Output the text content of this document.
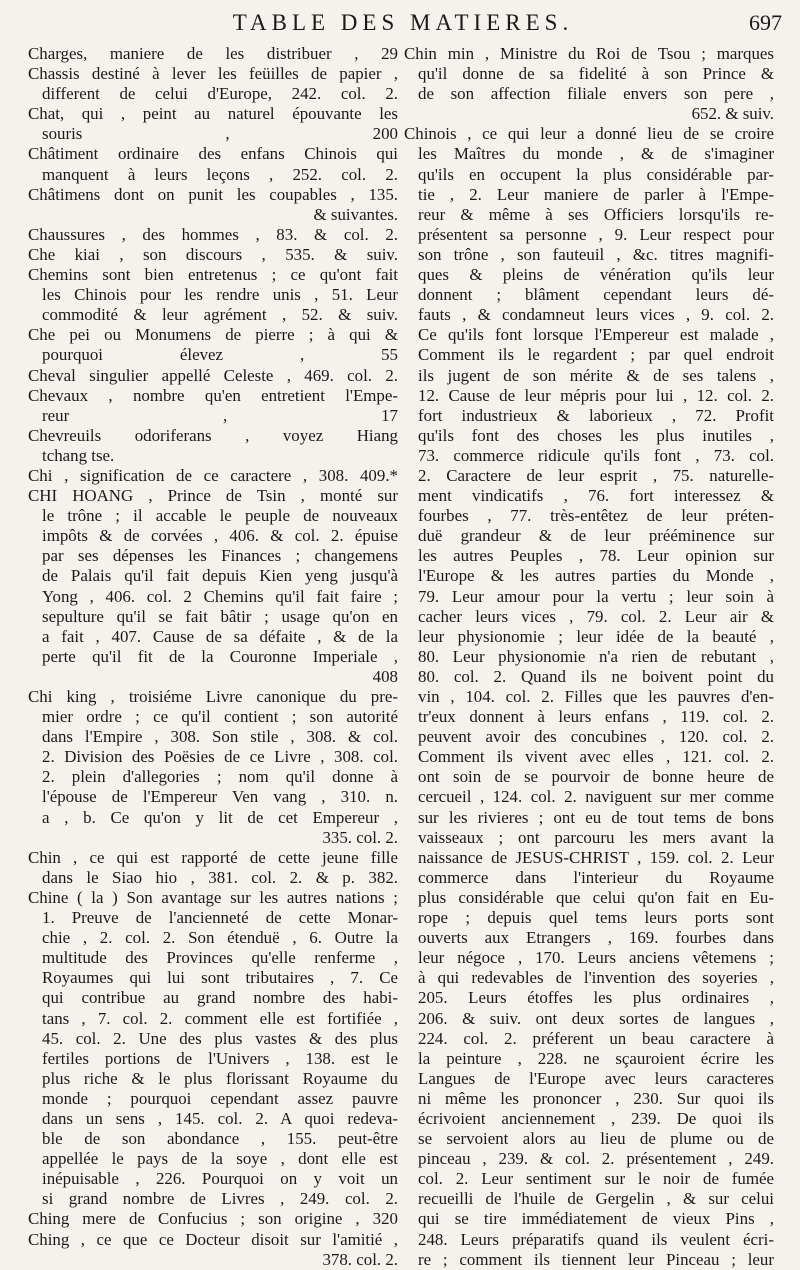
TABLE DES MATIERES.	697
Charges, maniere de les distribuer , 29
Chassis destiné à lever les feüilles de papier ,
different de celui d'Europe, 242. col. 2.
Chat, qui , peint au naturel épouvante les
souris , 200
Châtiment ordinaire des enfans Chinois qui
manquent à leurs leçons , 252. col. 2.
Châtimens dont on punit les coupables , 135.
& suivantes.
Chaussures , des hommes , 83. & col. 2.
Che kiai , son discours , 535. & suiv.
Chemins sont bien entretenus ; ce qu'ont fait
les Chinois pour les rendre unis , 51. Leur
commodité & leur agrément , 52. & suiv.
Che pei ou Monumens de pierre ; à qui &
pourquoi élevez , 55
Cheval singulier appellé Celeste , 469. col. 2.
Chevaux , nombre qu'en entretient l'Empe-
reur , 17
Chevreuils odoriferans , voyez Hiang
tchang tse.
Chi , signification de ce caractere , 308. 409.*
CHI HOANG , Prince de Tsin , monté sur
le trône ; il accable le peuple de nouveaux
impôts & de corvées , 406. & col. 2. épuise
par ses dépenses les Finances ; changemens
de Palais qu'il fait depuis Kien yeng jusqu'à
Yong , 406. col. 2 Chemins qu'il fait faire ;
sepulture qu'il se fait bâtir ; usage qu'on en
a fait , 407. Cause de sa défaite , & de la
perte qu'il fit de la Couronne Imperiale ,
408
Chi king , troisiéme Livre canonique du pre-
mier ordre ; ce qu'il contient ; son autorité
dans l'Empire , 308. Son stile , 308. & col.
2. Division des Poësies de ce Livre , 308. col.
2. plein d'allegories ; nom qu'il donne à
l'épouse de l'Empereur Ven vang , 310. n.
a , b. Ce qu'on y lit de cet Empereur ,
335. col. 2.
Chin , ce qui est rapporté de cette jeune fille
dans le Siao hio , 381. col. 2. & p. 382.
Chine ( la ) Son avantage sur les autres nations ;
1. Preuve de l'ancienneté de cette Monar-
chie , 2. col. 2. Son étenduë , 6. Outre la
multitude des Provinces qu'elle renferme ,
Royaumes qui lui sont tributaires , 7. Ce
qui contribue au grand nombre des habi-
tans , 7. col. 2. comment elle est fortifiée ,
45. col. 2. Une des plus vastes & des plus
fertiles portions de l'Univers , 138. est le
plus riche & le plus florissant Royaume du
monde ; pourquoi cependant assez pauvre
dans un sens , 145. col. 2. A quoi redeva-
ble de son abondance , 155. peut-être
appellée le pays de la soye , dont elle est
inépuisable , 226. Pourquoi on y voit un
si grand nombre de Livres , 249. col. 2.
Ching mere de Confucius ; son origine , 320
Ching , ce que ce Docteur disoit sur l'amitié ,
378. col. 2.
Chin min , Ministre du Roi de Tsou ; marques
qu'il donne de sa fidelité à son Prince &
de son affection filiale envers son pere ,
652. & suiv.
Chinois , ce qui leur a donné lieu de se croire
les Maîtres du monde , & de s'imaginer
qu'ils en occupent la plus considérable par-
tie , 2. Leur maniere de parler à l'Empe-
reur & même à ses Officiers lorsqu'ils re-
présentent sa personne , 9. Leur respect pour
son trône , son fauteuil , &c. titres magnifi-
ques & pleins de vénération qu'ils leur
donnent ; blâment cependant leurs dé-
fauts , & condamneut leurs vices , 9. col. 2.
Ce qu'ils font lorsque l'Empereur est malade ,
Comment ils le regardent ; par quel endroit
ils jugent de son mérite & de ses talens ,
12. Cause de leur mépris pour lui , 12. col. 2.
fort industrieux & laborieux , 72. Profit
qu'ils font des choses les plus inutiles ,
73. commerce ridicule qu'ils font , 73. col.
2. Caractere de leur esprit , 75. naturelle-
ment vindicatifs , 76. fort interessez &
fourbes , 77. très-entêtez de leur préten-
duë grandeur & de leur prééminence sur
les autres Peuples , 78. Leur opinion sur
l'Europe & les autres parties du Monde ,
79. Leur amour pour la vertu ; leur soin à
cacher leurs vices , 79. col. 2. Leur air &
leur physionomie ; leur idée de la beauté ,
80. Leur physionomie n'a rien de rebutant ,
80. col. 2. Quand ils ne boivent point du
vin , 104. col. 2. Filles que les pauvres d'en-
tr'eux donnent à leurs enfans , 119. col. 2.
peuvent avoir des concubines , 120. col. 2.
Comment ils vivent avec elles , 121. col. 2.
ont soin de se pourvoir de bonne heure de
cercueil , 124. col. 2. naviguent sur mer comme
sur les rivieres ; ont eu de tout tems de bons
vaisseaux ; ont parcouru les mers avant la
naissance de JESUS-CHRIST , 159. col. 2. Leur
commerce dans l'interieur du Royaume
plus considérable que celui qu'on fait en Eu-
rope ; depuis quel tems leurs ports sont
ouverts aux Etrangers , 169. fourbes dans
leur négoce , 170. Leurs anciens vêtemens ;
à qui redevables de l'invention des soyeries ,
205. Leurs étoffes les plus ordinaires ,
206. & suiv. ont deux sortes de langues ,
224. col. 2. préferent un beau caractere à
la peinture , 228. ne sçauroient écrire les
Langues de l'Europe avec leurs caracteres
ni même les prononcer , 230. Sur quoi ils
écrivoient anciennement , 239. De quoi ils
se servoient alors au lieu de plume ou de
pinceau , 239. & col. 2. présentement , 249.
col. 2. Leur sentiment sur le noir de fumée
recueilli de l'huile de Gergelin , & sur celui
qui se tire immédiatement de vieux Pins ,
248. Leurs préparatifs quand ils veulent écri-
re ; comment ils tiennent leur Pinceau ; leur
